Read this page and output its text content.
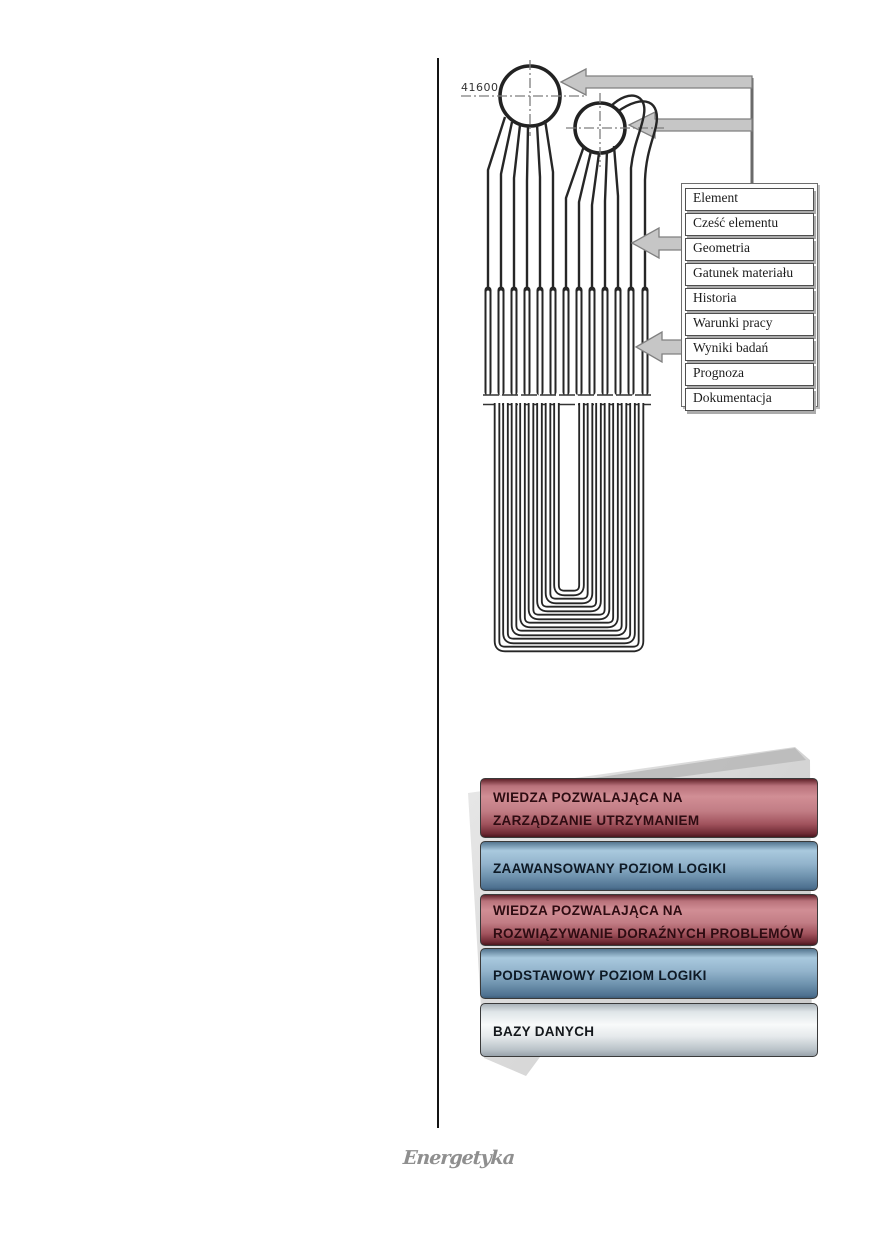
41600
Element
Cześć elementu
Geometria
Gatunek materiału
Historia
Warunki pracy
Wyniki badań
Prognoza
Dokumentacja
WIEDZA POZWALAJĄCA NA
ZARZĄDZANIE UTRZYMANIEM
ZAAWANSOWANY POZIOM LOGIKI
WIEDZA POZWALAJĄCA NA
ROZWIĄZYWANIE DORAŹNYCH PROBLEMÓW
PODSTAWOWY POZIOM LOGIKI
BAZY DANYCH
Energetyka
